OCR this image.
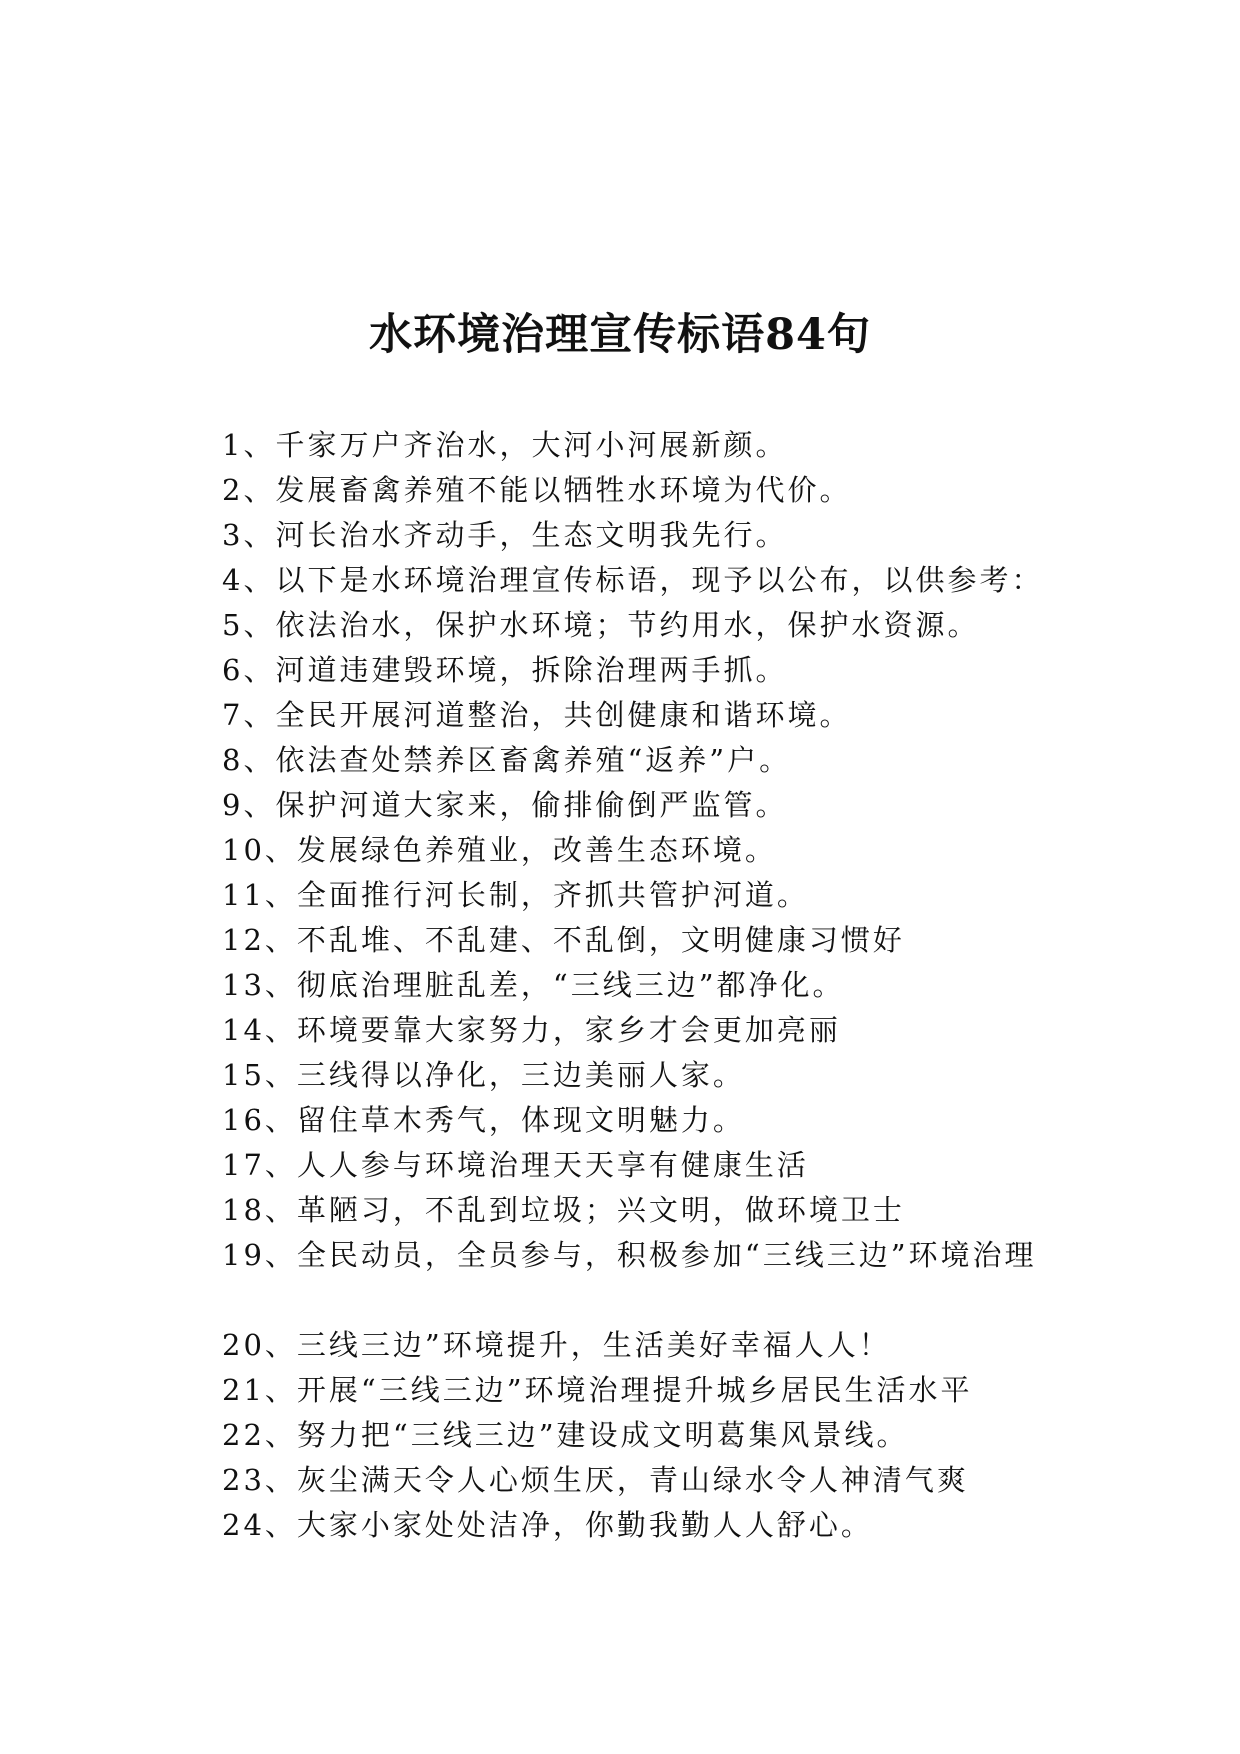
水环境治理宣传标语84句
1、千家万户齐治水，大河小河展新颜。
2、发展畜禽养殖不能以牺牲水环境为代价。
3、河长治水齐动手，生态文明我先行。
4、以下是水环境治理宣传标语，现予以公布，以供参考：
5、依法治水，保护水环境；节约用水，保护水资源。
6、河道违建毁环境，拆除治理两手抓。
7、全民开展河道整治，共创健康和谐环境。
8、依法查处禁养区畜禽养殖“返养”户。
9、保护河道大家来，偷排偷倒严监管。
10、发展绿色养殖业，改善生态环境。
11、全面推行河长制，齐抓共管护河道。
12、不乱堆、不乱建、不乱倒，文明健康习惯好
13、彻底治理脏乱差，“三线三边”都净化。
14、环境要靠大家努力，家乡才会更加亮丽
15、三线得以净化，三边美丽人家。
16、留住草木秀气，体现文明魅力。
17、人人参与环境治理天天享有健康生活
18、革陋习，不乱到垃圾；兴文明，做环境卫士
19、全民动员，全员参与，积极参加“三线三边”环境治理
20、三线三边”环境提升，生活美好幸福人人！
21、开展“三线三边”环境治理提升城乡居民生活水平
22、努力把“三线三边”建设成文明葛集风景线。
23、灰尘满天令人心烦生厌，青山绿水令人神清气爽
24、大家小家处处洁净，你勤我勤人人舒心。
